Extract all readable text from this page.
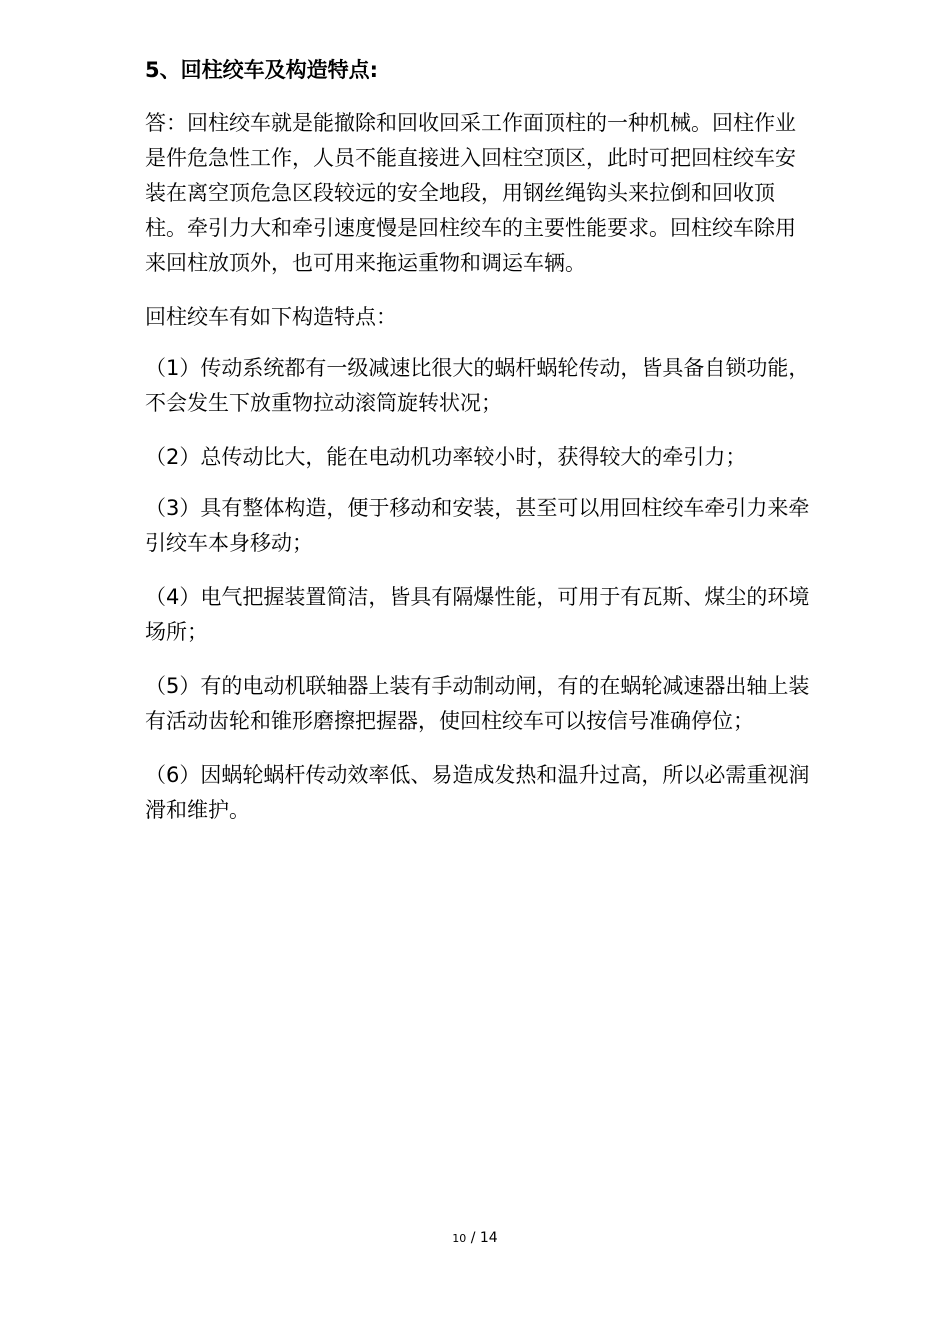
5、回柱绞车及构造特点:

答：回柱绞车就是能撤除和回收回采工作面顶柱的一种机械。回柱作业是件危急性工作，人员不能直接进入回柱空顶区，此时可把回柱绞车安装在离空顶危急区段较远的安全地段，用钢丝绳钩头来拉倒和回收顶柱。牵引力大和牵引速度慢是回柱绞车的主要性能要求。回柱绞车除用来回柱放顶外，也可用来拖运重物和调运车辆。

回柱绞车有如下构造特点：

（1）传动系统都有一级减速比很大的蜗杆蜗轮传动，皆具备自锁功能，不会发生下放重物拉动滚筒旋转状况；

（2）总传动比大，能在电动机功率较小时，获得较大的牵引力；

（3）具有整体构造，便于移动和安装，甚至可以用回柱绞车牵引力来牵引绞车本身移动；

（4）电气把握装置简洁，皆具有隔爆性能，可用于有瓦斯、煤尘的环境场所；

（5）有的电动机联轴器上装有手动制动闸，有的在蜗轮减速器出轴上装有活动齿轮和锥形磨擦把握器，使回柱绞车可以按信号准确停位；

（6）因蜗轮蜗杆传动效率低、易造成发热和温升过高，所以必需重视润滑和维护。

10 / 14
